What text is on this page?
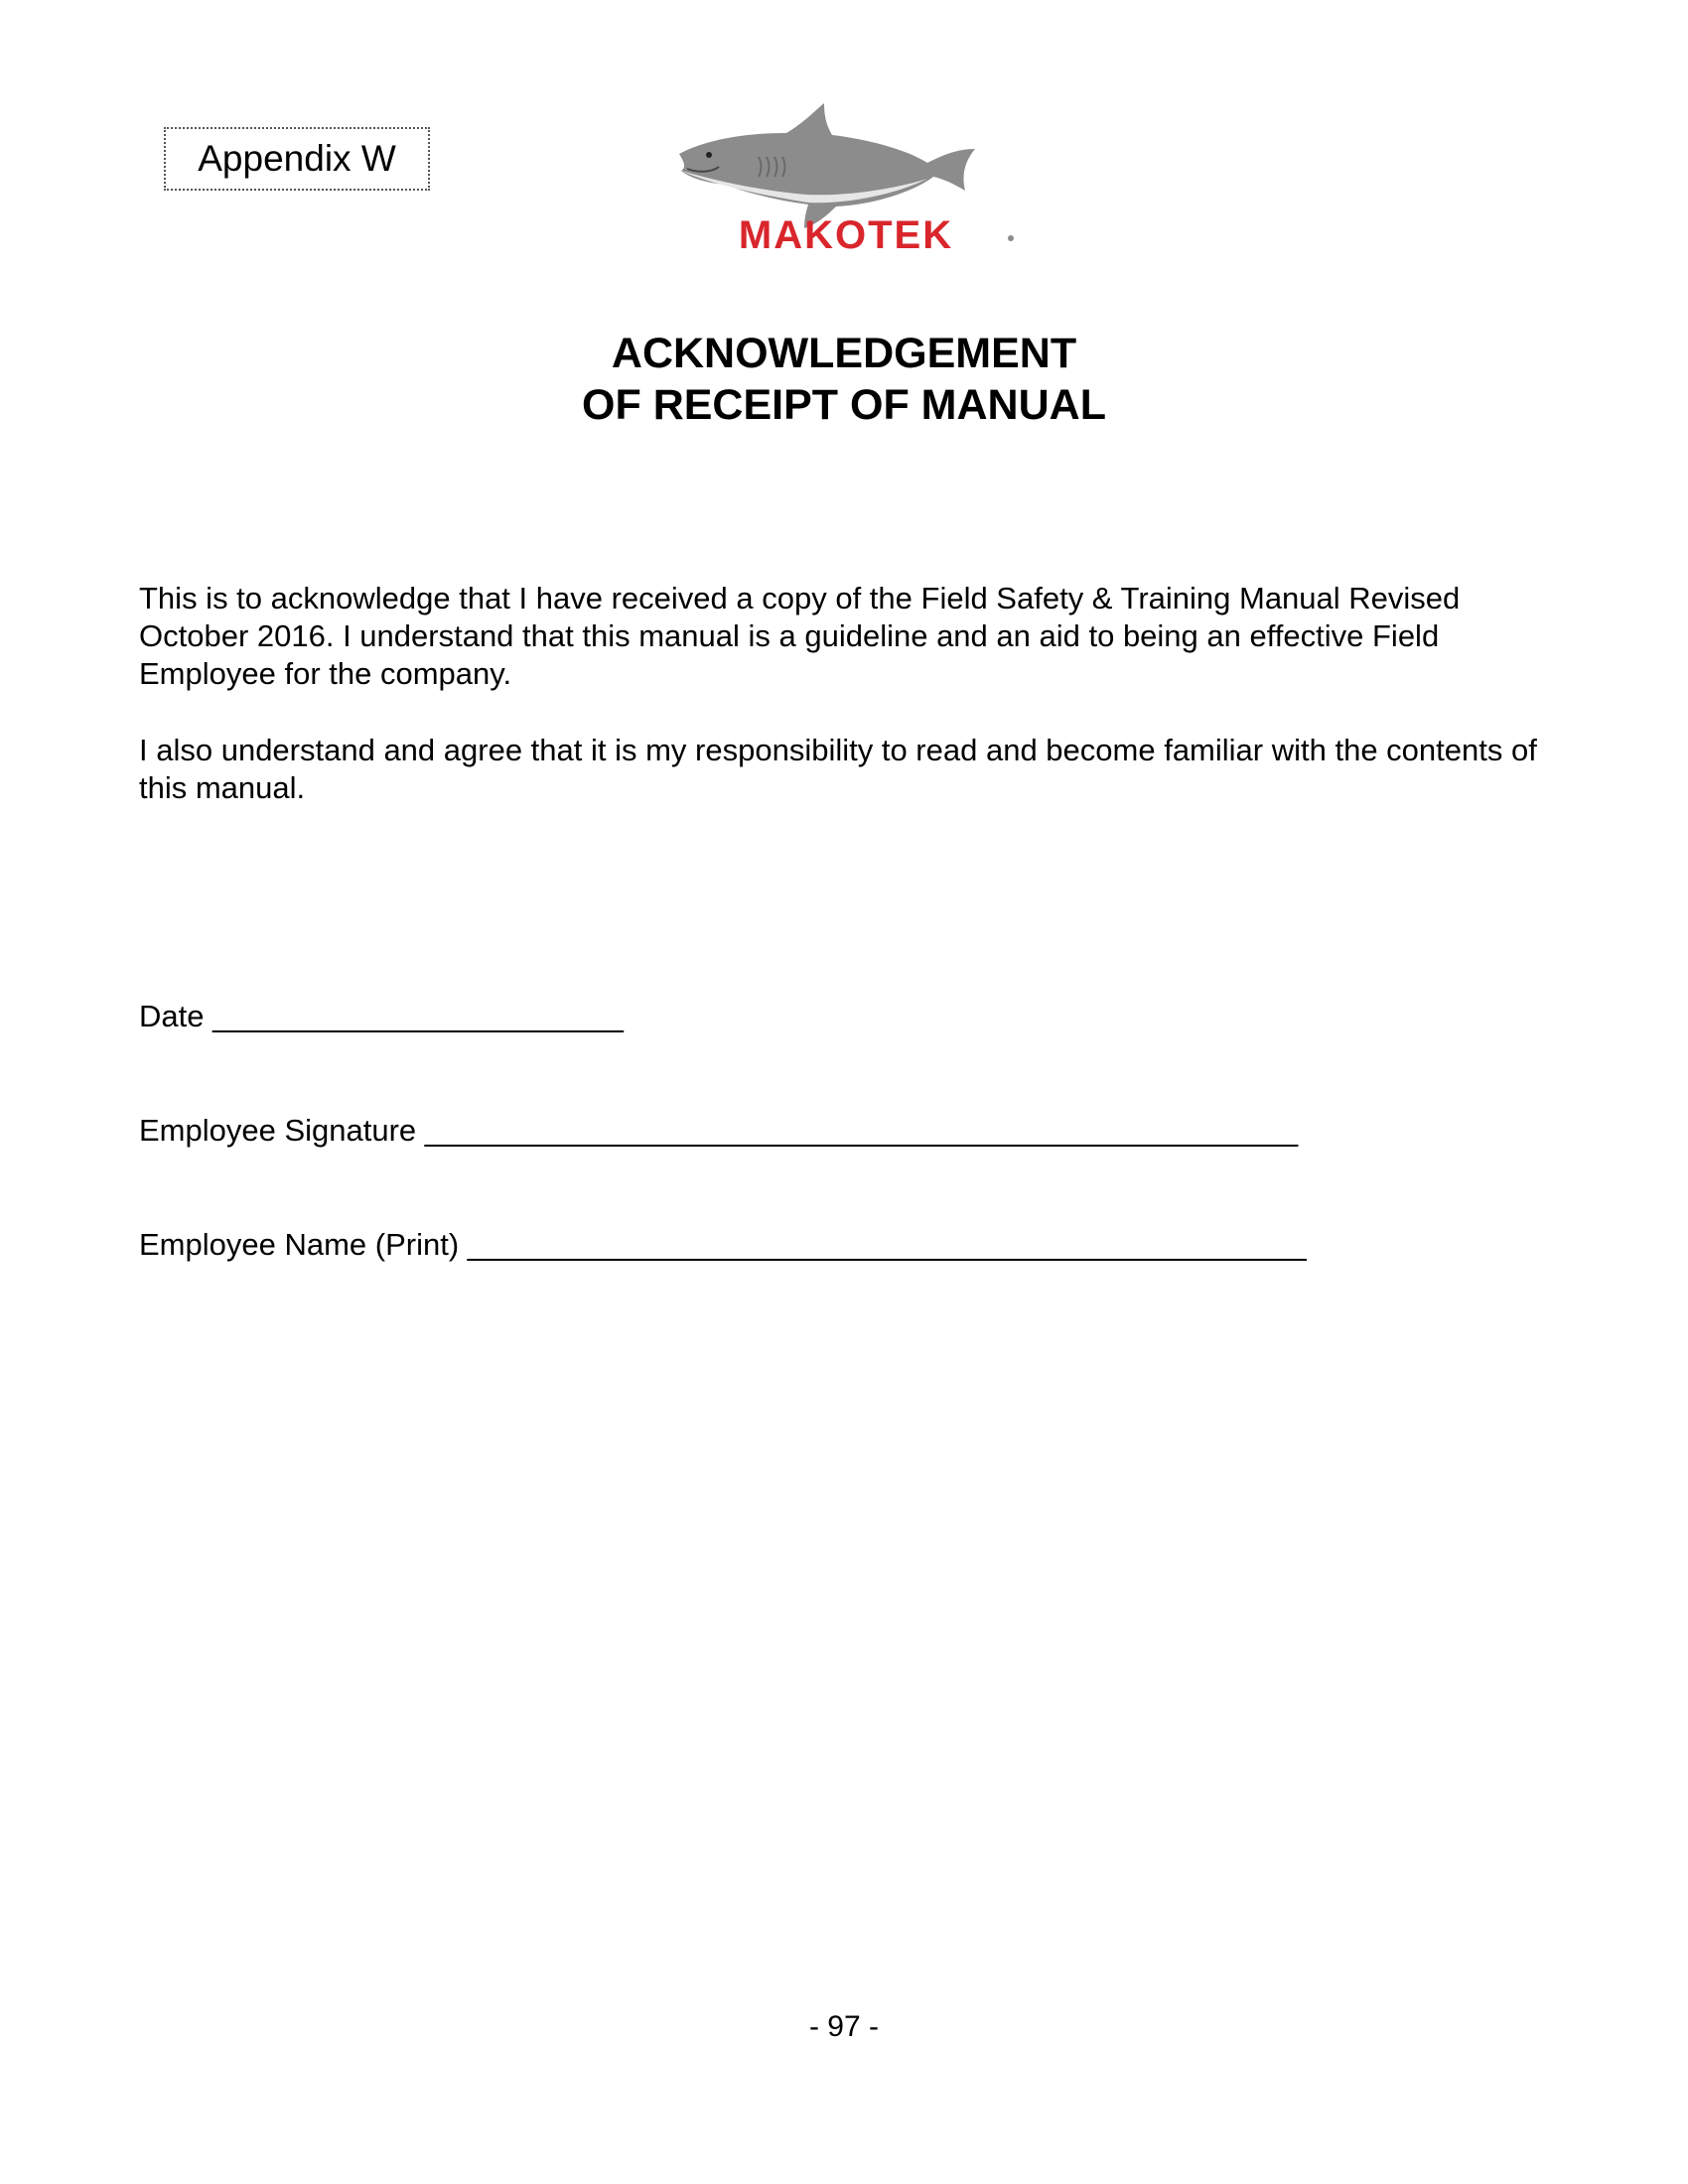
Appendix W
MAKOTEK
ACKNOWLEDGEMENT
OF RECEIPT OF MANUAL

This is to acknowledge that I have received a copy of the Field Safety & Training Manual Revised October 2016. I understand that this manual is a guideline and an aid to being an effective Field Employee for the company.

I also understand and agree that it is my responsibility to read and become familiar with the contents of this manual.

Date ________________________
Employee Signature ___________________________________________________
Employee Name (Print) _________________________________________________
- 97 -
